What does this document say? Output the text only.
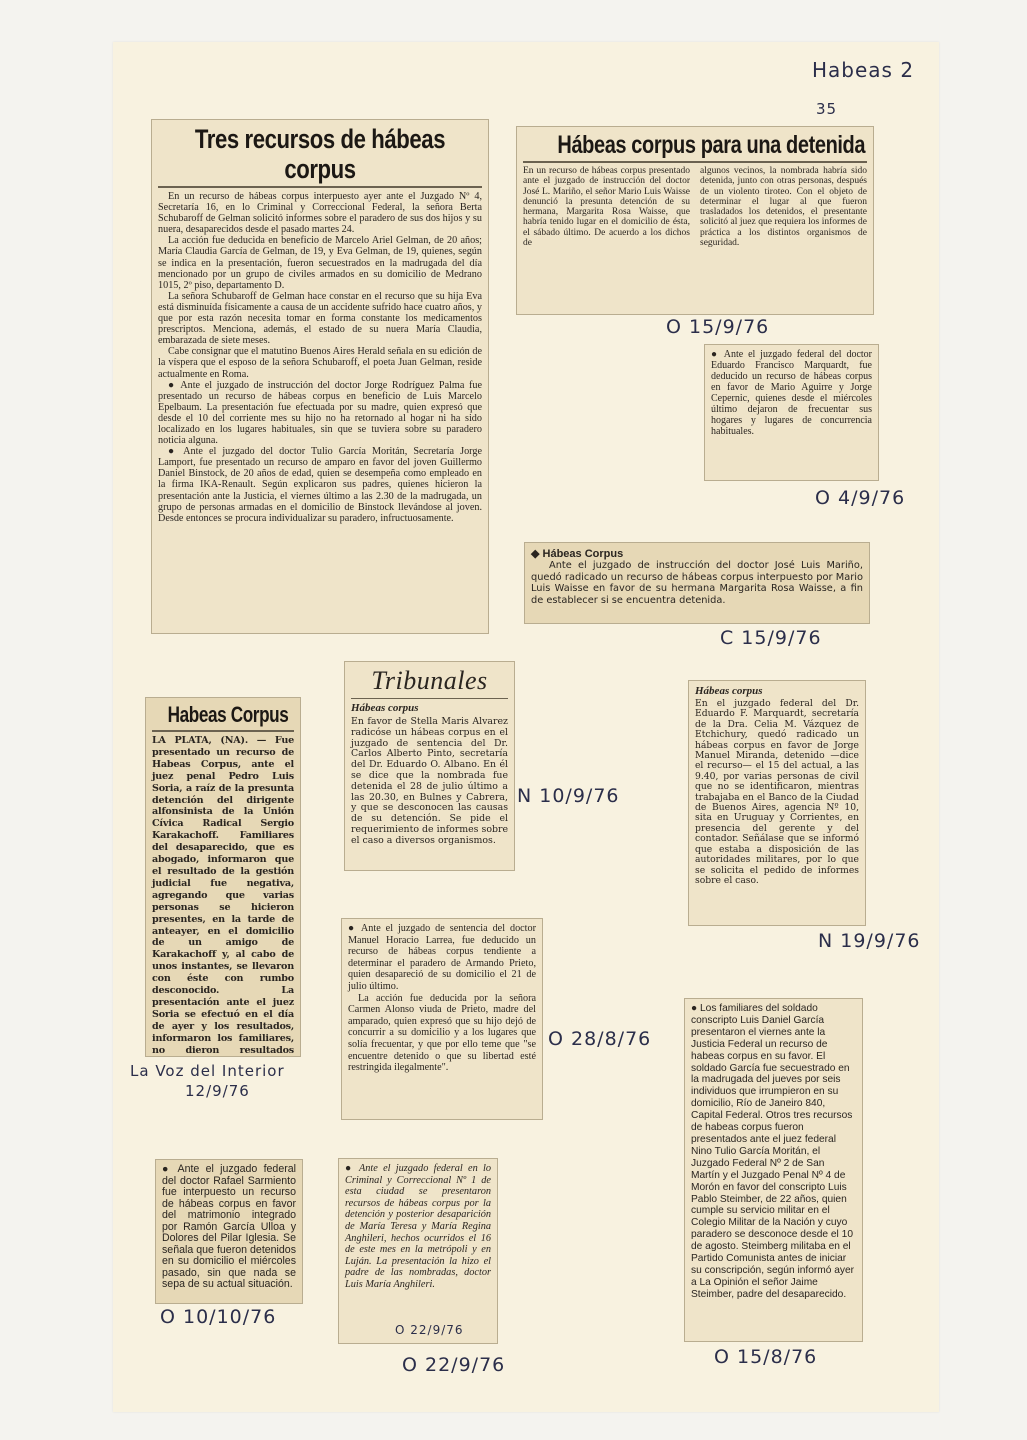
Habeas 2
35
Tres recursos de hábeas corpus

En un recurso de hábeas corpus interpuesto ayer ante el Juzgado Nº 4, Secretaría 16, en lo Criminal y Correccional Federal, la señora Berta Schubaroff de Gelman solicitó informes sobre el paradero de sus dos hijos y su nuera, desaparecidos desde el pasado martes 24.

La acción fue deducida en beneficio de Marcelo Ariel Gelman, de 20 años; María Claudia García de Gelman, de 19, y Eva Gelman, de 19, quienes, según se indica en la presentación, fueron secuestrados en la madrugada del día mencionado por un grupo de civiles armados en su domicilio de Medrano 1015, 2º piso, departamento D.

La señora Schubaroff de Gelman hace constar en el recurso que su hija Eva está disminuída físicamente a causa de un accidente sufrido hace cuatro años, y que por esta razón necesita tomar en forma constante los medicamentos prescriptos. Menciona, además, el estado de su nuera María Claudia, embarazada de siete meses.

Cabe consignar que el matutino Buenos Aires Herald señala en su edición de la víspera que el esposo de la señora Schubaroff, el poeta Juan Gelman, reside actualmente en Roma.

● Ante el juzgado de instrucción del doctor Jorge Rodríguez Palma fue presentado un recurso de hábeas corpus en beneficio de Luis Marcelo Epelbaum. La presentación fue efectuada por su madre, quien expresó que desde el 10 del corriente mes su hijo no ha retornado al hogar ni ha sido localizado en los lugares habituales, sin que se tuviera sobre su paradero noticia alguna.

● Ante el juzgado del doctor Tulio García Moritán, Secretaría Jorge Lamport, fue presentado un recurso de amparo en favor del joven Guillermo Daniel Binstock, de 20 años de edad, quien se desempeña como empleado en la firma IKA-Renault. Según explicaron sus padres, quienes hicieron la presentación ante la Justicia, el viernes último a las 2.30 de la madrugada, un grupo de personas armadas en el domicilio de Binstock llevándose al joven. Desde entonces se procura individualizar su paradero, infructuosamente.

Hábeas corpus para una detenida
En un recurso de hábeas corpus presentado ante el juzgado de instrucción del doctor José L. Mariño, el señor Mario Luis Waisse denunció la presunta detención de su hermana, Margarita Rosa Waisse, que habría tenido lugar en el domicilio de ésta, el sábado último. De acuerdo a los dichos de
algunos vecinos, la nombrada habría sido detenida, junto con otras personas, después de un violento tiroteo. Con el objeto de determinar el lugar al que fueron trasladados los detenidos, el presentante solicitó al juez que requiera los informes de práctica a los distintos organismos de seguridad.
O 15/9/76
● Ante el juzgado federal del doctor Eduardo Francisco Marquardt, fue deducido un recurso de hábeas corpus en favor de Mario Aguirre y Jorge Cepernic, quienes desde el miércoles último dejaron de frecuentar sus hogares y lugares de concurrencia habituales.
O 4/9/76
◆ Hábeas Corpus
Ante el juzgado de instrucción del doctor José Luis Mariño, quedó radicado un recurso de hábeas corpus interpuesto por Mario Luis Waisse en favor de su hermana Margarita Rosa Waisse, a fin de establecer si se encuentra detenida.
C 15/9/76
Habeas Corpus
LA PLATA, (NA). — Fue presentado un recurso de Habeas Corpus, ante el juez penal Pedro Luis Soria, a raíz de la presunta detención del dirigente alfonsinista de la Unión Cívica Radical Sergio Karakachoff. Familiares del desaparecido, que es abogado, informaron que el resultado de la gestión judicial fue negativa, agregando que varias personas se hicieron presentes, en la tarde de anteayer, en el domicilio de un amigo de Karakachoff y, al cabo de unos instantes, se llevaron con éste con rumbo desconocido. La presentación ante el juez Soria se efectuó en el día de ayer y los resultados, informaron los familiares, no dieron resultados
La Voz del Interior
12/9/76
Tribunales
Hábeas corpus
En favor de Stella Maris Alvarez radicóse un hábeas corpus en el juzgado de sentencia del Dr. Carlos Alberto Pinto, secretaría del Dr. Eduardo O. Albano. En él se dice que la nombrada fue detenida el 28 de julio último a las 20.30, en Bulnes y Cabrera, y que se desconocen las causas de su detención. Se pide el requerimiento de informes sobre el caso a diversos organismos.
N 10/9/76
Hábeas corpus
En el juzgado federal del Dr. Eduardo F. Marquardt, secretaría de la Dra. Celia M. Vázquez de Etchichury, quedó radicado un hábeas corpus en favor de Jorge Manuel Miranda, detenido —dice el recurso— el 15 del actual, a las 9.40, por varias personas de civil que no se identificaron, mientras trabajaba en el Banco de la Ciudad de Buenos Aires, agencia Nº 10, sita en Uruguay y Corrientes, en presencia del gerente y del contador. Señálase que se informó que estaba a disposición de las autoridades militares, por lo que se solicita el pedido de informes sobre el caso.
N 19/9/76
● Ante el juzgado de sentencia del doctor Manuel Horacio Larrea, fue deducido un recurso de hábeas corpus tendiente a determinar el paradero de Armando Prieto, quien desapareció de su domicilio el 21 de julio último.
La acción fue deducida por la señora Carmen Alonso viuda de Prieto, madre del amparado, quien expresó que su hijo dejó de concurrir a su domicilio y a los lugares que solía frecuentar, y que por ello teme que "se encuentre detenido o que su libertad esté restringida ilegalmente".
O 28/8/76
● Ante el juzgado federal del doctor Rafael Sarmiento fue interpuesto un recurso de hábeas corpus en favor del matrimonio integrado por Ramón García Ulloa y Dolores del Pilar Iglesia. Se señala que fueron detenidos en su domicilio el miércoles pasado, sin que nada se sepa de su actual situación.
O 10/10/76
● Ante el juzgado federal en lo Criminal y Correccional Nº 1 de esta ciudad se presentaron recursos de hábeas corpus por la detención y posterior desaparición de María Teresa y María Regina Anghileri, hechos ocurridos el 16 de este mes en la metrópoli y en Luján. La presentación la hizo el padre de las nombradas, doctor Luis María Anghileri.
O 22/9/76
O 22/9/76
● Los familiares del soldado conscripto Luis Daniel García presentaron el viernes ante la Justicia Federal un recurso de habeas corpus en su favor. El soldado García fue secuestrado en la madrugada del jueves por seis individuos que irrumpieron en su domicilio, Río de Janeiro 840, Capital Federal. Otros tres recursos de habeas corpus fueron presentados ante el juez federal Nino Tulio García Moritán, el Juzgado Federal Nº 2 de San Martín y el Juzgado Penal Nº 4 de Morón en favor del conscripto Luis Pablo Steimber, de 22 años, quien cumple su servicio militar en el Colegio Militar de la Nación y cuyo paradero se desconoce desde el 10 de agosto. Steimberg militaba en el Partido Comunista antes de iniciar su conscripción, según informó ayer a La Opinión el señor Jaime Steimber, padre del desaparecido.
O 15/8/76
